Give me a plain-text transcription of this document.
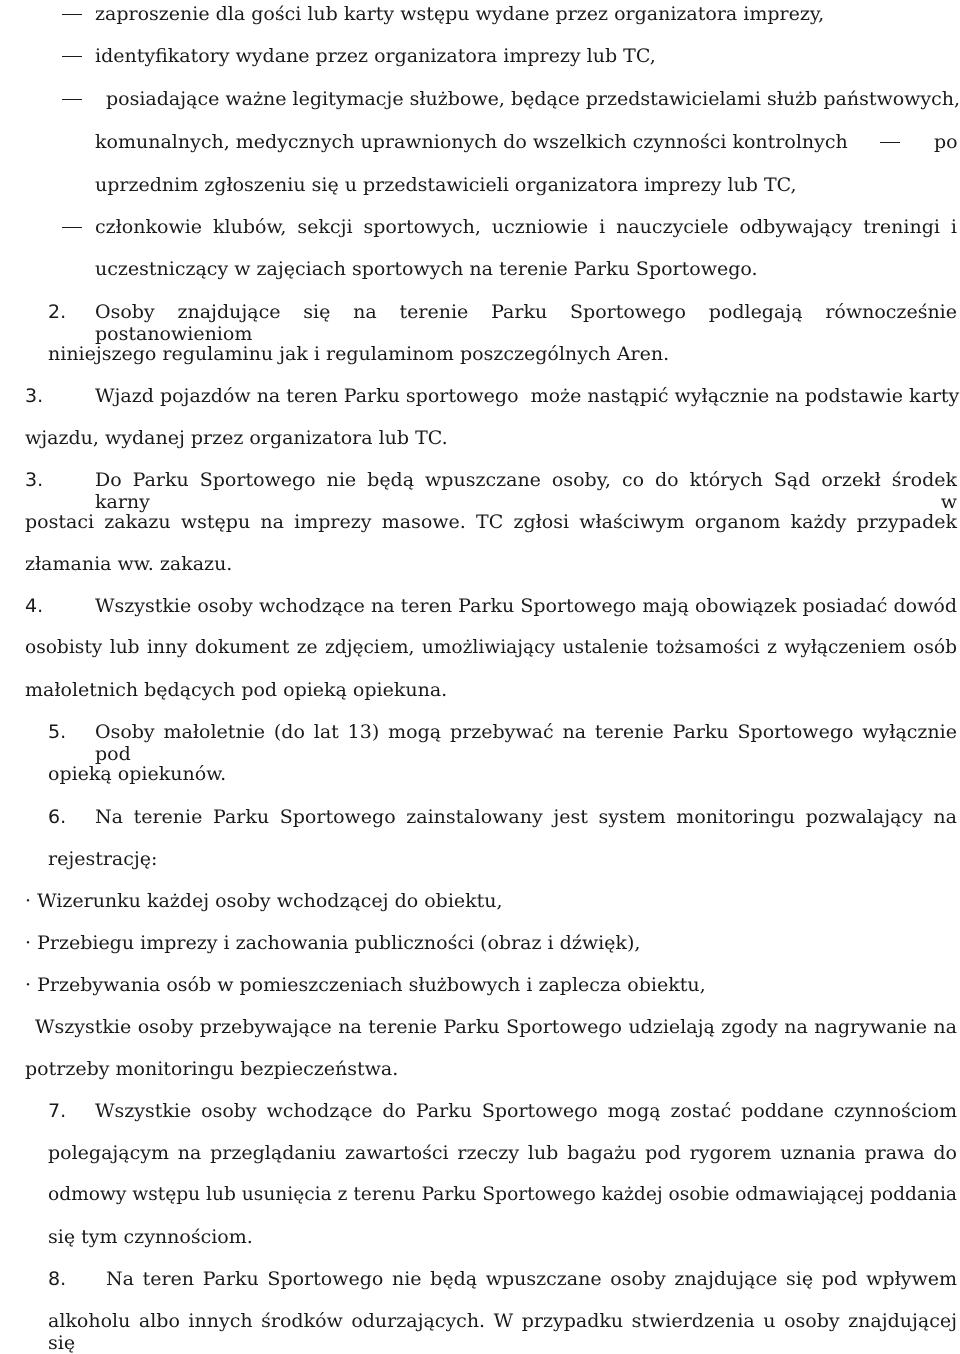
zaproszenie dla gości lub karty wstępu wydane przez organizatora imprezy,
identyfikatory wydane przez organizatora imprezy lub TC,
posiadające ważne legitymacje służbowe, będące przedstawicielami służb państwowych,
komunalnych, medycznych uprawnionych do wszelkich czynności kontrolnych	po
uprzednim zgłoszeniu się u przedstawicieli organizatora imprezy lub TC,
członkowie klubów, sekcji sportowych, uczniowie i nauczyciele odbywający treningi i
uczestniczący w zajęciach sportowych na terenie Parku Sportowego.
2. Osoby znajdujące się na terenie Parku Sportowego podlegają równocześnie postanowieniom
niniejszego regulaminu jak i regulaminom poszczególnych Aren.
3.	Wjazd pojazdów na teren Parku sportowego  może nastąpić wyłącznie na podstawie karty
wjazdu, wydanej przez organizatora lub TC.
3.	Do Parku Sportowego nie będą wpuszczane osoby, co do których Sąd orzekł środek karny w
postaci zakazu wstępu na imprezy masowe. TC zgłosi właściwym organom każdy przypadek
złamania ww. zakazu.
4.	Wszystkie osoby wchodzące na teren Parku Sportowego mają obowiązek posiadać dowód
osobisty lub inny dokument ze zdjęciem, umożliwiający ustalenie tożsamości z wyłączeniem osób
małoletnich będących pod opieką opiekuna.
5. Osoby małoletnie (do lat 13) mogą przebywać na terenie Parku Sportowego wyłącznie pod
opieką opiekunów.
6. Na terenie Parku Sportowego zainstalowany jest system monitoringu pozwalający na
rejestrację:
· Wizerunku każdej osoby wchodzącej do obiektu,
· Przebiegu imprezy i zachowania publiczności (obraz i dźwięk),
· Przebywania osób w pomieszczeniach służbowych i zaplecza obiektu,
Wszystkie osoby przebywające na terenie Parku Sportowego udzielają zgody na nagrywanie na
potrzeby monitoringu bezpieczeństwa.
7. Wszystkie osoby wchodzące do Parku Sportowego mogą zostać poddane czynnościom
polegającym na przeglądaniu zawartości rzeczy lub bagażu pod rygorem uznania prawa do
odmowy wstępu lub usunięcia z terenu Parku Sportowego każdej osobie odmawiającej poddania
się tym czynnościom.
8. Na teren Parku Sportowego nie będą wpuszczane osoby znajdujące się pod wpływem
alkoholu albo innych środków odurzających. W przypadku stwierdzenia u osoby znajdującej się
